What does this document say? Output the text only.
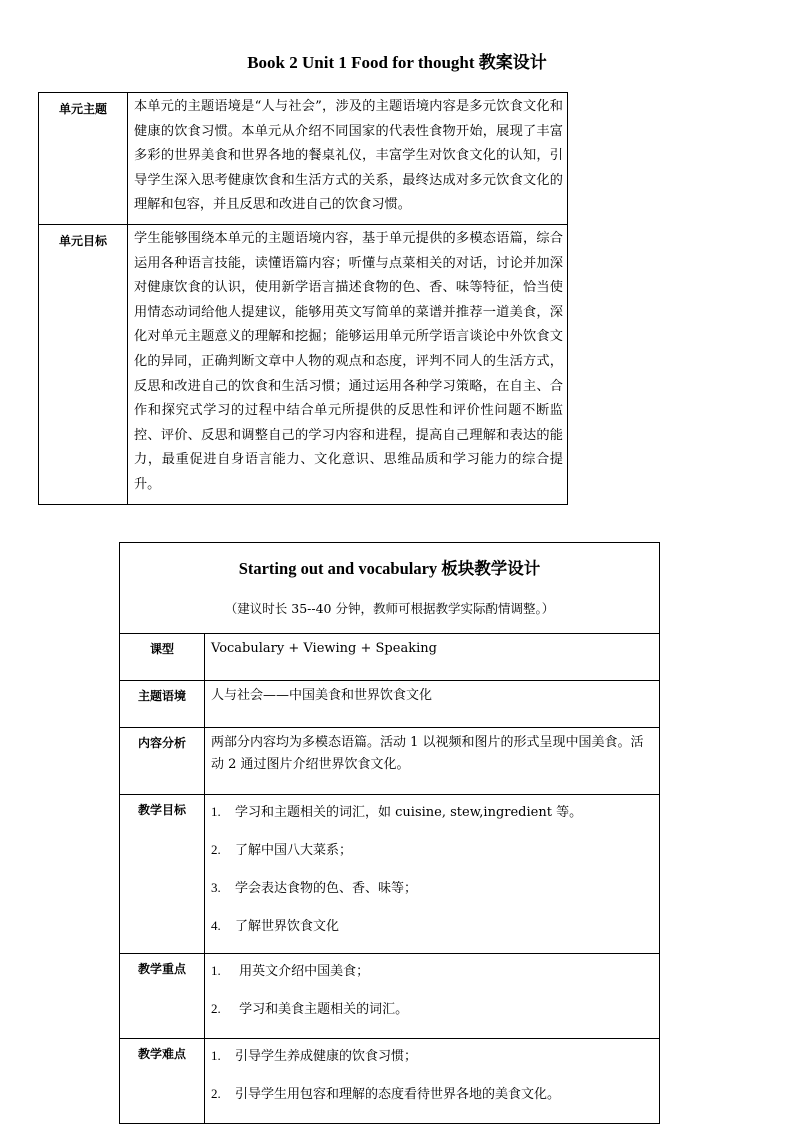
Book 2 Unit 1 Food for thought 教案设计
单元主题	本单元的主题语境是“人与社会”，涉及的主题语境内容是多元饮食文化和健康的饮食习惯。本单元从介绍不同国家的代表性食物开始，展现了丰富多彩的世界美食和世界各地的餐桌礼仪，丰富学生对饮食文化的认知，引导学生深入思考健康饮食和生活方式的关系，最终达成对多元饮食文化的理解和包容，并且反思和改进自己的饮食习惯。
单元目标	学生能够围绕本单元的主题语境内容，基于单元提供的多模态语篇，综合运用各种语言技能，读懂语篇内容；听懂与点菜相关的对话，讨论并加深对健康饮食的认识，使用新学语言描述食物的色、香、味等特征，恰当使用情态动词给他人提建议，能够用英文写简单的菜谱并推荐一道美食，深化对单元主题意义的理解和挖掘；能够运用单元所学语言谈论中外饮食文化的异同，正确判断文章中人物的观点和态度，评判不同人的生活方式，反思和改进自己的饮食和生活习惯；通过运用各种学习策略，在自主、合作和探究式学习的过程中结合单元所提供的反思性和评价性问题不断监控、评价、反思和调整自己的学习内容和进程，提高自己理解和表达的能力，最重促进自身语言能力、文化意识、思维品质和学习能力的综合提升。
Starting out and vocabulary 板块教学设计
（建议时长 35--40 分钟，教师可根据教学实际酌情调整。）	

课型	Vocabulary + Viewing + Speaking

主题语境	人与社会——中国美食和世界饮食文化

内容分析	两部分内容均为多模态语篇。活动 1 以视频和图片的形式呈现中国美食。活动 2 通过图片介绍世界饮食文化。

教学目标	1. 学习和主题相关的词汇，如 cuisine, stew,ingredient 等。
2. 了解中国八大菜系；
3. 学会表达食物的色、香、味等；
4. 了解世界饮食文化

教学重点	1. 用英文介绍中国美食；
2. 学习和美食主题相关的词汇。

教学难点	1. 引导学生养成健康的饮食习惯；
2. 引导学生用包容和理解的态度看待世界各地的美食文化。
